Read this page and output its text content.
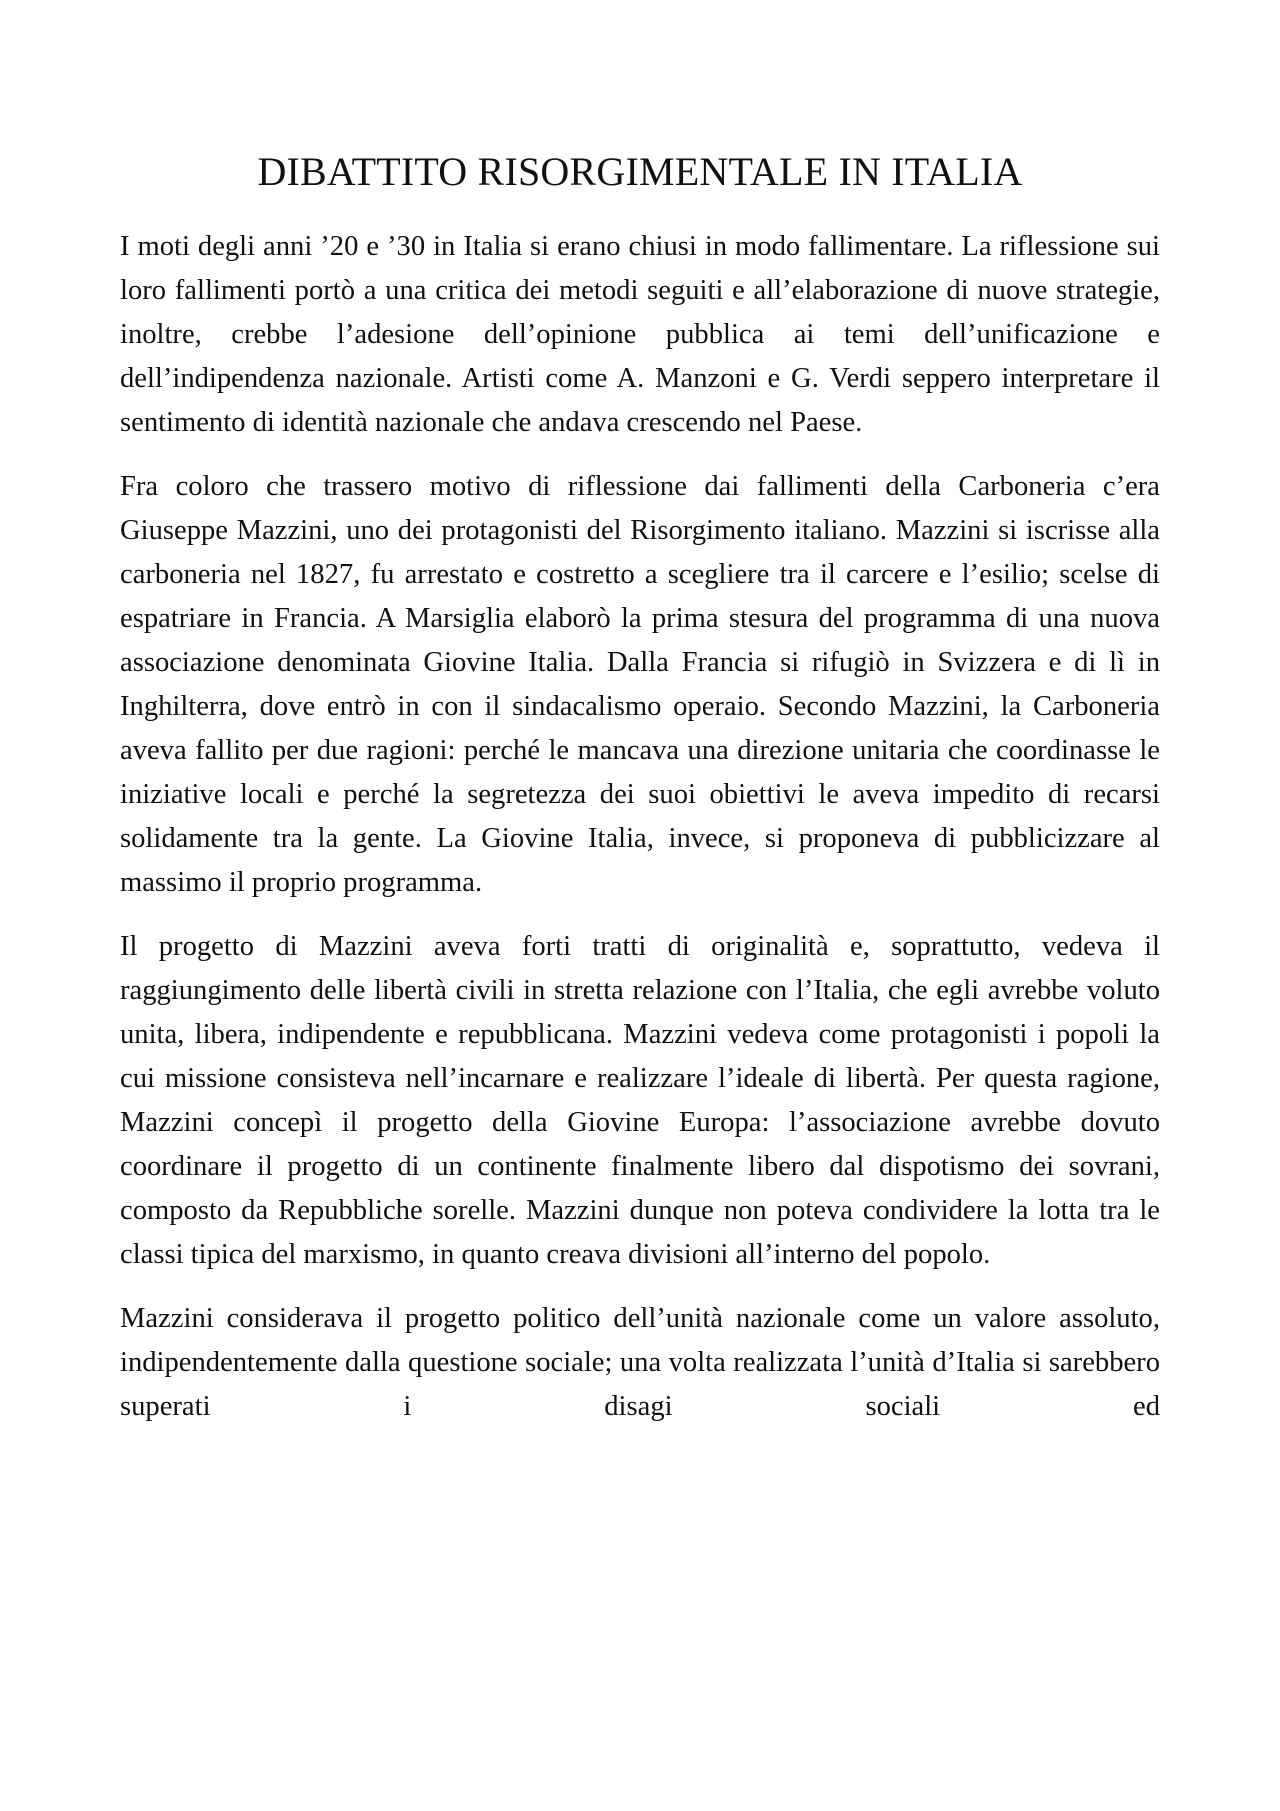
DIBATTITO RISORGIMENTALE IN ITALIA

I moti degli anni ’20 e ’30 in Italia si erano chiusi in modo fallimentare. La riflessione sui loro fallimenti portò a una critica dei metodi seguiti e all’elaborazione di nuove strategie, inoltre, crebbe l’adesione dell’opinione pubblica ai temi dell’unificazione e dell’indipendenza nazionale. Artisti come A. Manzoni e G. Verdi seppero interpretare il sentimento di identità nazionale che andava crescendo nel Paese.

Fra coloro che trassero motivo di riflessione dai fallimenti della Carboneria c’era Giuseppe Mazzini, uno dei protagonisti del Risorgimento italiano. Mazzini si iscrisse alla carboneria nel 1827, fu arrestato e costretto a scegliere tra il carcere e l’esilio; scelse di espatriare in Francia. A Marsiglia elaborò la prima stesura del programma di una nuova associazione denominata Giovine Italia. Dalla Francia si rifugiò in Svizzera e di lì in Inghilterra, dove entrò in con il sindacalismo operaio. Secondo Mazzini, la Carboneria aveva fallito per due ragioni: perché le mancava una direzione unitaria che coordinasse le iniziative locali e perché la segretezza dei suoi obiettivi le aveva impedito di recarsi solidamente tra la gente. La Giovine Italia, invece, si proponeva di pubblicizzare al massimo il proprio programma.

Il progetto di Mazzini aveva forti tratti di originalità e, soprattutto, vedeva il raggiungimento delle libertà civili in stretta relazione con l’Italia, che egli avrebbe voluto unita, libera, indipendente e repubblicana. Mazzini vedeva come protagonisti i popoli la cui missione consisteva nell’incarnare e realizzare l’ideale di libertà. Per questa ragione, Mazzini concepì il progetto della Giovine Europa: l’associazione avrebbe dovuto coordinare il progetto di un continente finalmente libero dal dispotismo dei sovrani, composto da Repubbliche sorelle. Mazzini dunque non poteva condividere la lotta tra le classi tipica del marxismo, in quanto creava divisioni all’interno del popolo.

Mazzini considerava il progetto politico dell’unità nazionale come un valore assoluto, indipendentemente dalla questione sociale; una volta realizzata l’unità d’Italia si sarebbero superati i disagi sociali ed
